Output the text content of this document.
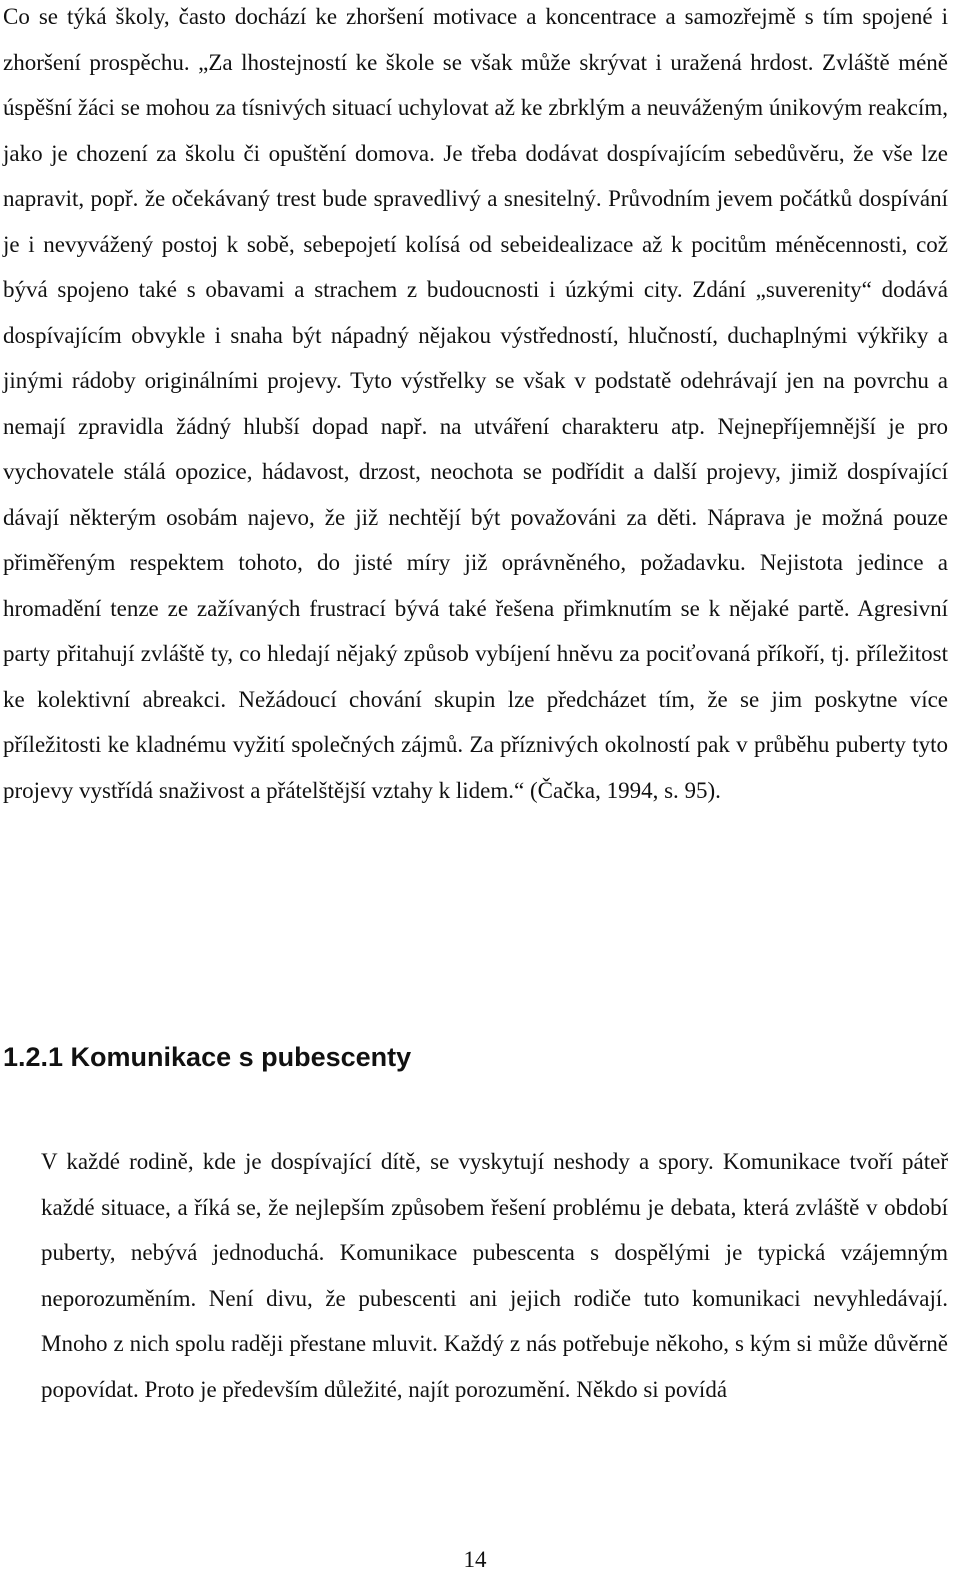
Co se týká školy, často dochází ke zhoršení motivace a koncentrace a samozřejmě s tím spojené i zhoršení prospěchu. „Za lhostejností ke škole se však může skrývat i uražená hrdost. Zvláště méně úspěšní žáci se mohou za tísnivých situací uchylovat až ke zbrklým a neuváženým únikovým reakcím, jako je chození za školu či opuštění domova. Je třeba dodávat dospívajícím sebedůvěru, že vše lze napravit, popř. že očekávaný trest bude spravedlivý a snesitelný. Průvodním jevem počátků dospívání je i nevyvážený postoj k sobě, sebepojetí kolísá od sebeidealizace až k pocitům méněcennosti, což bývá spojeno také s obavami a strachem z budoucnosti i úzkými city. Zdání „suverenity“ dodává dospívajícím obvykle i snaha být nápadný nějakou výstředností, hlučností, duchaplnými výkřiky a jinými rádoby originálními projevy. Tyto výstřelky se však v podstatě odehrávají jen na povrchu a nemají zpravidla žádný hlubší dopad např. na utváření charakteru atp. Nejnepříjemnější je pro vychovatele stálá opozice, hádavost, drzost, neochota se podřídit a další projevy, jimiž dospívající dávají některým osobám najevo, že již nechtějí být považováni za děti. Náprava je možná pouze přiměřeným respektem tohoto, do jisté míry již oprávněného, požadavku. Nejistota jedince a hromadění tenze ze zažívaných frustrací bývá také řešena přimknutím se k nějaké partě. Agresivní party přitahují zvláště ty, co hledají nějaký způsob vybíjení hněvu za pociťovaná příkoří, tj. příležitost ke kolektivní abreakci. Nežádoucí chování skupin lze předcházet tím, že se jim poskytne více příležitosti ke kladnému vyžití společných zájmů. Za příznivých okolností pak v průběhu puberty tyto projevy vystřídá snaživost a přátelštější vztahy k lidem.“ (Čačka, 1994, s. 95).

1.2.1 Komunikace s pubescenty

V každé rodině, kde je dospívající dítě, se vyskytují neshody a spory. Komunikace tvoří páteř každé situace, a říká se, že nejlepším způsobem řešení problému je debata, která zvláště v období puberty, nebývá jednoduchá. Komunikace pubescenta s dospělými je typická vzájemným neporozuměním. Není divu, že pubescenti ani jejich rodiče tuto komunikaci nevyhledávají. Mnoho z nich spolu raději přestane mluvit. Každý z nás potřebuje někoho, s kým si může důvěrně popovídat. Proto je především důležité, najít porozumění. Někdo si povídá

14
